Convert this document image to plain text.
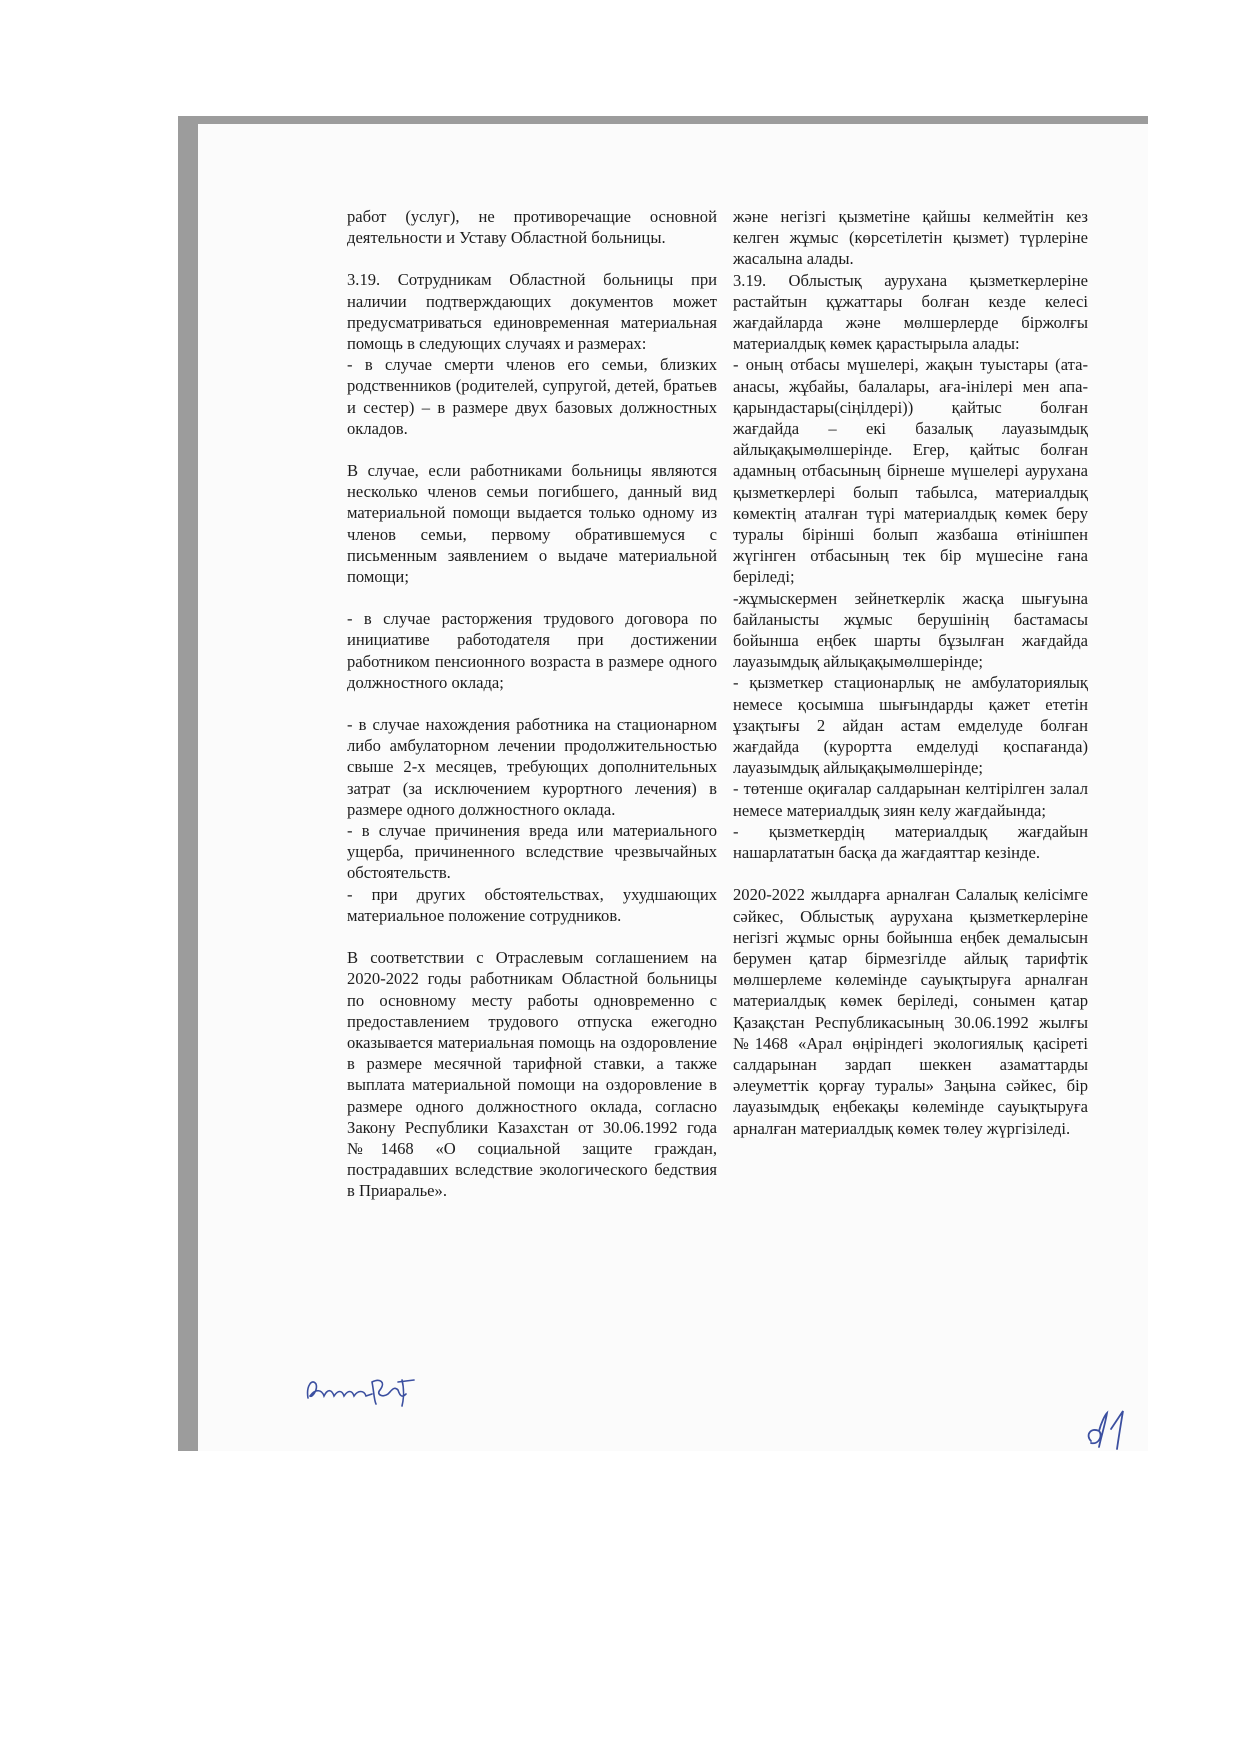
работ (услуг), не противоречащие основной деятельности и Уставу Областной больницы.

3.19. Сотрудникам Областной больницы при наличии подтверждающих документов может предусматриваться единовременная материальная помощь в следующих случаях и размерах:

- в случае смерти членов его семьи, близких родственников (родителей, супругой, детей, братьев и сестер) – в размере двух базовых должностных окладов.

В случае, если работниками больницы являются несколько членов семьи погибшего, данный вид материальной помощи выдается только одному из членов семьи, первому обратившемуся с письменным заявлением о выдаче материальной помощи;

- в случае расторжения трудового договора по инициативе работодателя при достижении работником пенсионного возраста в размере одного должностного оклада;

- в случае нахождения работника на стационарном либо амбулаторном лечении продолжительностью свыше 2-х месяцев, требующих дополнительных затрат (за исключением курортного лечения) в размере одного должностного оклада.

- в случае причинения вреда или материального ущерба, причиненного вследствие чрезвычайных обстоятельств.

- при других обстоятельствах, ухудшающих материальное положение сотрудников.

В соответствии с Отраслевым соглашением на 2020-2022 годы работникам Областной больницы по основному месту работы одновременно с предоставлением трудового отпуска ежегодно оказывается материальная помощь на оздоровление в размере месячной тарифной ставки, а также выплата материальной помощи на оздоровление в размере одного должностного оклада, согласно Закону Республики Казахстан от 30.06.1992 года №1468 «О социальной защите граждан, пострадавших вследствие экологического бедствия в Приаралье».

және негізгі қызметіне қайшы келмейтін кез келген жұмыс (көрсетілетін қызмет) түрлеріне жасалына алады.

3.19. Облыстық аурухана қызметкерлеріне растайтын құжаттары болған кезде келесі жағдайларда және мөлшерлерде біржолғы материалдық көмек қарастырыла алады:

- оның отбасы мүшелері, жақын туыстары (ата-анасы, жұбайы, балалары, аға-інілері мен апа-қарындастары(сіңілдері)) қайтыс болған жағдайда – екі базалық лауазымдық айлықақымөлшерінде. Егер, қайтыс болған адамның отбасының бірнеше мүшелері аурухана қызметкерлері болып табылса, материалдық көмектің аталған түрі материалдық көмек беру туралы бірінші болып жазбаша өтінішпен жүгінген отбасының тек бір мүшесіне ғана беріледі;

-жұмыскермен зейнеткерлік жасқа шығуына байланысты жұмыс берушінің бастамасы бойынша еңбек шарты бұзылған жағдайда лауазымдық айлықақымөлшерінде;

- қызметкер стационарлық не амбулаториялық немесе қосымша шығындарды қажет ететін ұзақтығы 2 айдан астам емделуде болған жағдайда (курортта емделуді қоспағанда) лауазымдық айлықақымөлшерінде;

- төтенше оқиғалар салдарынан келтірілген залал немесе материалдық зиян келу жағдайында;

- қызметкердің материалдық жағдайын нашарлататын басқа да жағдаяттар кезінде.

2020-2022 жылдарға арналған Салалық келісімге сәйкес, Облыстық аурухана қызметкерлеріне негізгі жұмыс орны бойынша еңбек демалысын берумен қатар бірмезгілде айлық тарифтік мөлшерлеме көлемінде сауықтыруға арналған материалдық көмек беріледі, сонымен қатар Қазақстан Республикасының 30.06.1992 жылғы №1468 «Арал өңіріндегі экологиялық қасіреті салдарынан зардап шеккен азаматтарды әлеуметтік қорғау туралы» Заңына сәйкес, бір лауазымдық еңбекақы көлемінде сауықтыруға арналған материалдық көмек төлеу жүргізіледі.
